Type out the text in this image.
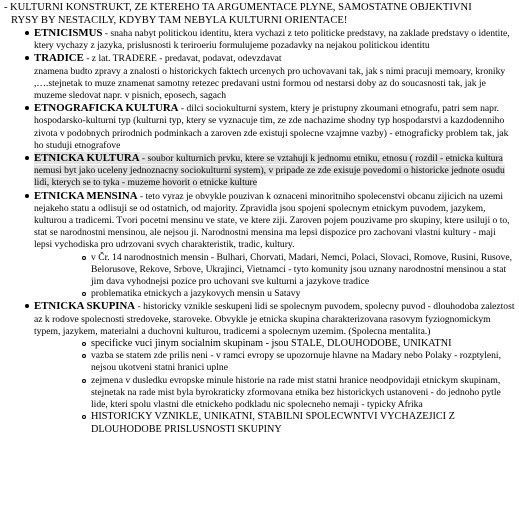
- KULTURNI KONSTRUKT, ZE KTEREHO TA ARGUMENTACE PLYNE, SAMOSTATNE OBJEKTIVNI
RYSY BY NESTACILY, KDYBY TAM NEBYLA KULTURNI ORIENTACE!
ETNICISMUS - snaha nabyt politickou identitu, ktera vychazi z teto politicke predstavy, na zaklade predstavy o identite, ktery vychazy z jazyka, prislusnosti k teriroeriu formulujeme pozadavky na nejakou politickou identitu
TRADICE - z lat. TRADERE - predavat, podavat, odevzdavat
znamena budto zpravy a znalosti o historickych faktech urcenych pro uchovavani tak, jak s nimi pracuji memoary, kroniky ,….stejnetak to muze znamenat samotny retezec predavani ustni formou od nestarsi doby az do soucasnosti tak, jak je muzeme sledovat napr. v pisnich, eposech, sagach
ETNOGRAFICKA KULTURA - dilci sociokulturni system, ktery je pristupny zkoumani etnografu, patri sem napr. hospodarsko-kulturni typ (kulturni typ, ktery se vyznacuje tim, ze zde nachazime shodny typ hospodarstvi a kazdodenniho zivota v podobnych prirodnich podminkach a zaroven zde existuji spolecne vzajmne vazby) - etnograficky problem tak, jak ho studuji etnografove
ETNICKA KULTURA - soubor kulturnich prvku, ktere se vztahuji k jednomu etniku, etnosu ( rozdil - etnicka kultura nemusi byt jako uceleny jednoznacny sociokulturni system), v pripade ze zde exisuje povedomi o historicke jednote osudu lidi, kterych se to tyka - muzeme hovorit o etnicke kulture
ETNICKA MENSINA - teto vyraz je obvykle pouzivan k oznaceni minoritniho spolecenstvi obcanu zijicich na uzemi nejakeho statu a odlisuji se od ostatnich, od majority. Zpravidla jsou spojeni spolecnym etnickym puvodem, jazykem, kulturou a tradicemi. Tvori pocetni mensinu ve state, ve ktere ziji. Zaroven pojem pouzivame pro skupiny, ktere usiluji o to, stat se narodnostni mensinou, ale nejsou ji. Narodnostni mensina ma lepsi dispozice pro zachovani vlastni kultury - maji lepsi vychodiska pro udrzovani svych charakteristik, tradic, kultury.
v Čr. 14 narodnostnich mensin - Bulhari, Chorvati, Madari, Nemci, Polaci, Slovaci, Romove, Rusini, Rusove, Belorusove, Rekove, Srbove, Ukrajinci, Vietnamci - tyto komunity jsou uznany narodnostni mensinou a stat jim dava vyhodnejsi pozice pro uchovani sve kulturni a jazykove tradice
problematika etnickych a jazykovych mensin u Satavy
ETNICKA SKUPINA - historicky vznikle seskupeni lidi se spolecnym puvodem, spolecny puvod - dlouhodoba zaleztost az k rodove spolecnosti stredoveke, staroveke. Obvykle je etnicka skupina charakterizovana rasovym fyziognomickym typem, jazykem, materialni a duchovni kulturou, tradicemi a spolecnym uzemim. (Spolecna mentalita.)
specificke vuci jinym socialnim skupinam - jsou STALE, DLOUHODOBE, UNIKATNI
vazba se statem zde prilis neni - v ramci evropy se upozornuje hlavne na Madary nebo Polaky - rozptyleni, nejsou ukotveni statni hranici uplne
zejmena v dusledku evropske minule historie na rade mist statni hranice neodpovidaji etnickym skupinam, stejnetak na rade mist byla byrokraticky zformovana etnika bez historickych ustanoveni - do jednoho pytle lide, kteri spolu vlastni dle etnickeho podkladu nic spolecneho nemaji - typicky Afrika
HISTORICKY VZNIKLE, UNIKATNI, STABILNI SPOLECWNTVI VYCHAZEJICI Z DLOUHODOBE PRISLUSNOSTI SKUPINY
